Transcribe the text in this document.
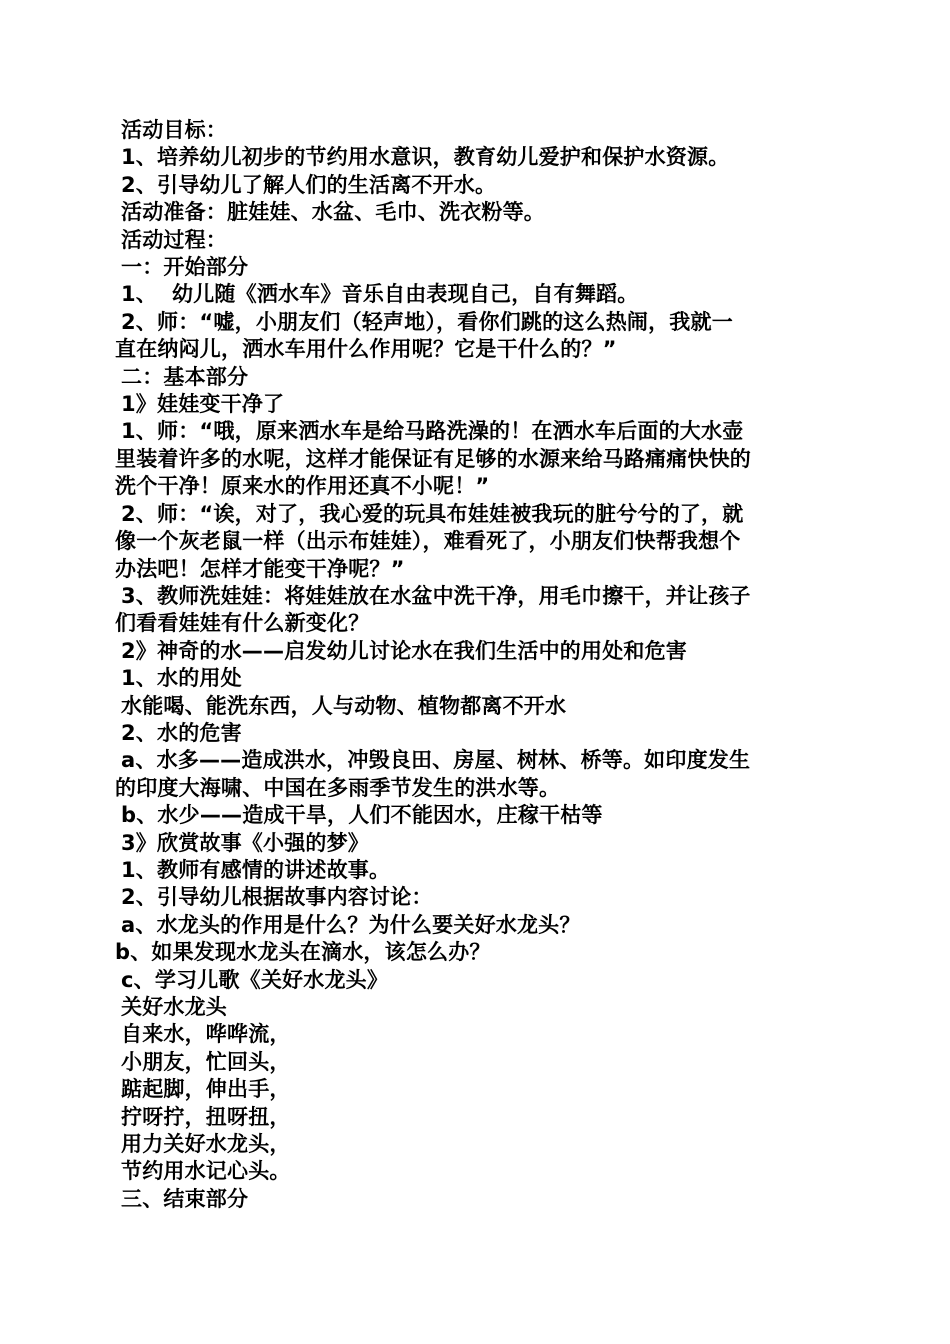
活动目标：

1、培养幼儿初步的节约用水意识，教育幼儿爱护和保护水资源。

2、引导幼儿了解人们的生活离不开水。

活动准备：脏娃娃、水盆、毛巾、洗衣粉等。

活动过程：

一：开始部分

1、  幼儿随《洒水车》音乐自由表现自己，自有舞蹈。

2、师：“嘘，小朋友们（轻声地），看你们跳的这么热闹，我就一

直在纳闷儿，洒水车用什么作用呢？它是干什么的？”

二：基本部分

1》娃娃变干净了

1、师：“哦，原来洒水车是给马路洗澡的！在洒水车后面的大水壶

里装着许多的水呢，这样才能保证有足够的水源来给马路痛痛快快的

洗个干净！原来水的作用还真不小呢！”

2、师：“诶，对了，我心爱的玩具布娃娃被我玩的脏兮兮的了，就

像一个灰老鼠一样（出示布娃娃），难看死了，小朋友们快帮我想个

办法吧！怎样才能变干净呢？”

3、教师洗娃娃：将娃娃放在水盆中洗干净，用毛巾擦干，并让孩子

们看看娃娃有什么新变化？

2》神奇的水——启发幼儿讨论水在我们生活中的用处和危害

1、水的用处

水能喝、能洗东西，人与动物、植物都离不开水

2、水的危害

a、水多——造成洪水，冲毁良田、房屋、树林、桥等。如印度发生

的印度大海啸、中国在多雨季节发生的洪水等。

b、水少——造成干旱，人们不能因水，庄稼干枯等

3》欣赏故事《小强的梦》

1、教师有感情的讲述故事。

2、引导幼儿根据故事内容讨论：

a、水龙头的作用是什么？为什么要关好水龙头？

b、如果发现水龙头在滴水，该怎么办？

c、学习儿歌《关好水龙头》

关好水龙头

自来水，哗哗流，

小朋友，忙回头，

踮起脚，伸出手，

拧呀拧，扭呀扭，

用力关好水龙头，

节约用水记心头。

三、结束部分
